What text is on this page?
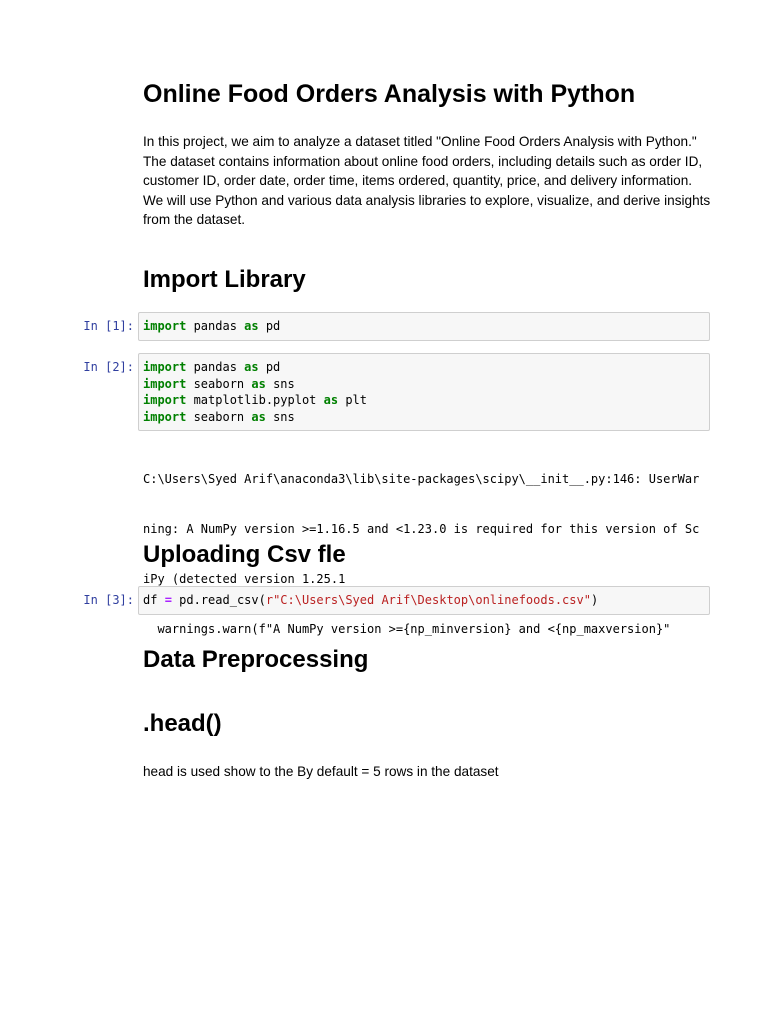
Online Food Orders Analysis with Python

In this project, we aim to analyze a dataset titled "Online Food Orders Analysis with Python." The dataset contains information about online food orders, including details such as order ID, customer ID, order date, order time, items ordered, quantity, price, and delivery information. We will use Python and various data analysis libraries to explore, visualize, and derive insights from the dataset.

Import Library
In [1]: import pandas as pd
In [2]: import pandas as pd
import seaborn as sns
import matplotlib.pyplot as plt
import seaborn as sns

C:\Users\Syed Arif\anaconda3\lib\site-packages\scipy\__init__.py:146: UserWar

ning: A NumPy version >=1.16.5 and <1.23.0 is required for this version of Sc

iPy (detected version 1.25.1

warnings.warn(f"A NumPy version >={np_minversion} and <{np_maxversion}"

Uploading Csv fle
In [3]: df = pd.read_csv(r"C:\Users\Syed Arif\Desktop\onlinefoods.csv")
Data Preprocessing
.head()

head is used show to the By default = 5 rows in the dataset
